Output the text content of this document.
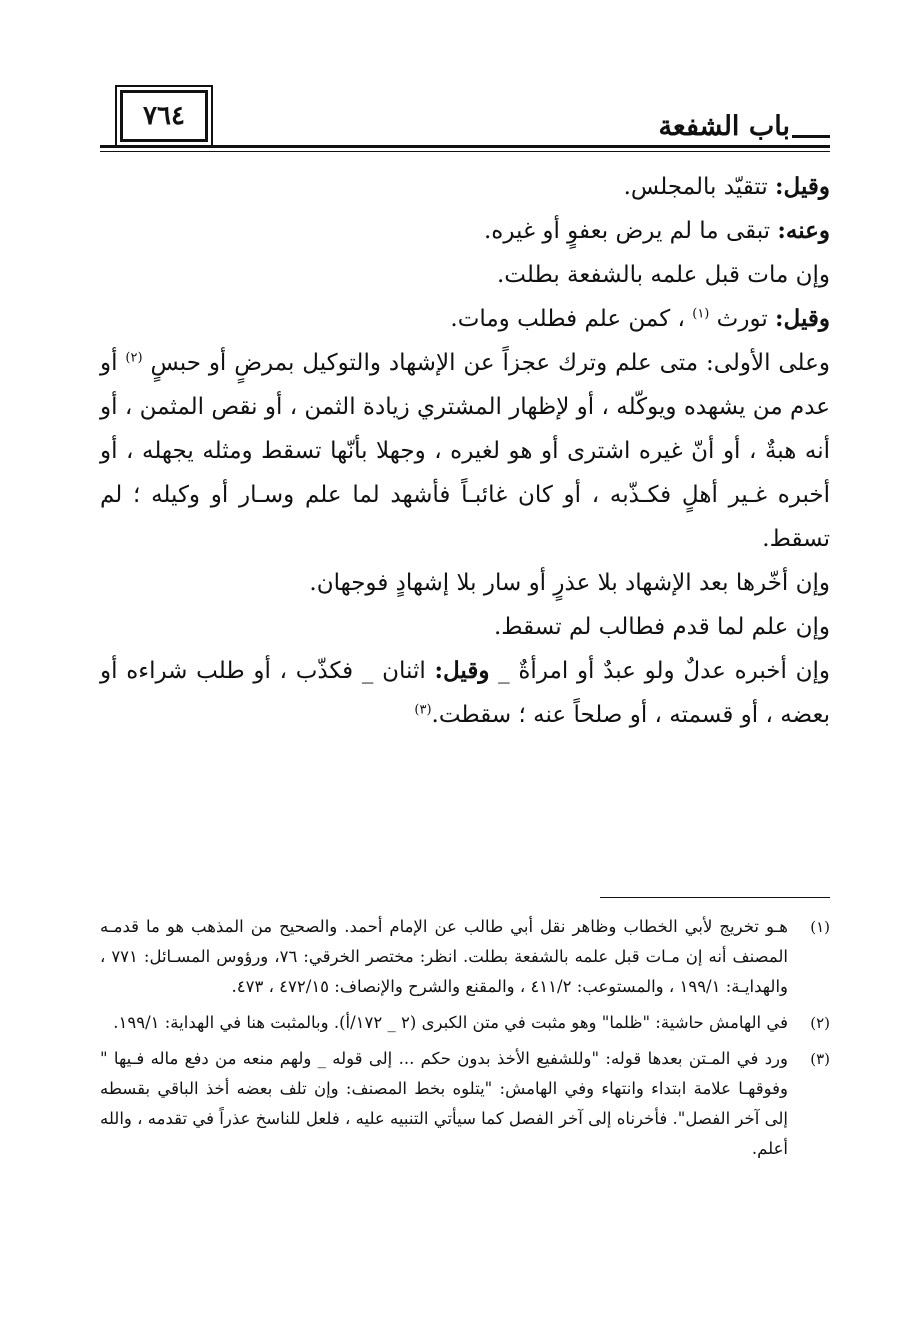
٧٦٤	باب الشفعة

وقيل: تتقيّد بالمجلس.

وعنه: تبقى ما لم يرض بعفوٍ أو غيره.

وإن مات قبل علمه بالشفعة بطلت.

وقيل: تورث $^{(١)}$ ، كمن علم فطلب ومات.

وعلى الأولى: متى علم وترك عجزاً عن الإشهاد والتوكيل بمرضٍ أو حبسٍ $^{(٢)}$ أو عدم من يشهده ويوكّله ، أو لإظهار المشتري زيادة الثمن ، أو نقص المثمن ، أو أنه هبةٌ ، أو أنّ غيره اشترى أو هو لغيره ، وجهلا بأنّها تسقط ومثله يجهله ، أو أخبره غـير أهلٍ فكـذّبه ، أو كان غائبـاً فأشهد لما علم وسـار أو وكيله ؛ لم تسقط.

وإن أخّرها بعد الإشهاد بلا عذرٍ أو سار بلا إشهادٍ فوجهان.

وإن علم لما قدم فطالب لم تسقط.

وإن أخبره عدلٌ ولو عبدٌ أو امرأةٌ _ وقيل: اثنان _ فكذّب ، أو طلب شراءه أو بعضه ، أو قسمته ، أو صلحاً عنه ؛ سقطت.$^{(٣)}$

(١)
هـو تخريج لأبي الخطاب وظاهر نقل أبي طالب عن الإمام أحمد. والصحيح من المذهب هو ما قدمـه المصنف أنه إن مـات قبل علمه بالشفعة بطلت. انظر: مختصر الخرقي: ٧٦، ورؤوس المسـائل: ٧٧١ ، والهدايـة: ١٩٩/١ ، والمستوعب: ٤١١/٢ ، والمقنع والشرح والإنصاف: ٤٧٢/١٥ ، ٤٧٣.
(٢)
في الهامش حاشية: "ظلما" وهو مثبت في متن الكبرى (٢ _ ١٧٢/أ). وبالمثبت هنا في الهداية: ١٩٩/١.
(٣)
ورد في المـتن بعدها قوله: "وللشفيع الأخذ بدون حكم ... إلى قوله _ ولهم منعه من دفع ماله فـيها " وفوقهـا علامة ابتداء وانتهاء وفي الهامش: "يتلوه بخط المصنف: وإن تلف بعضه أخذ الباقي بقسطه إلى آخر الفصل". فأخرناه إلى آخر الفصل كما سيأتي التنبيه عليه ، فلعل للناسخ عذراً في تقدمه ، والله أعلم.
